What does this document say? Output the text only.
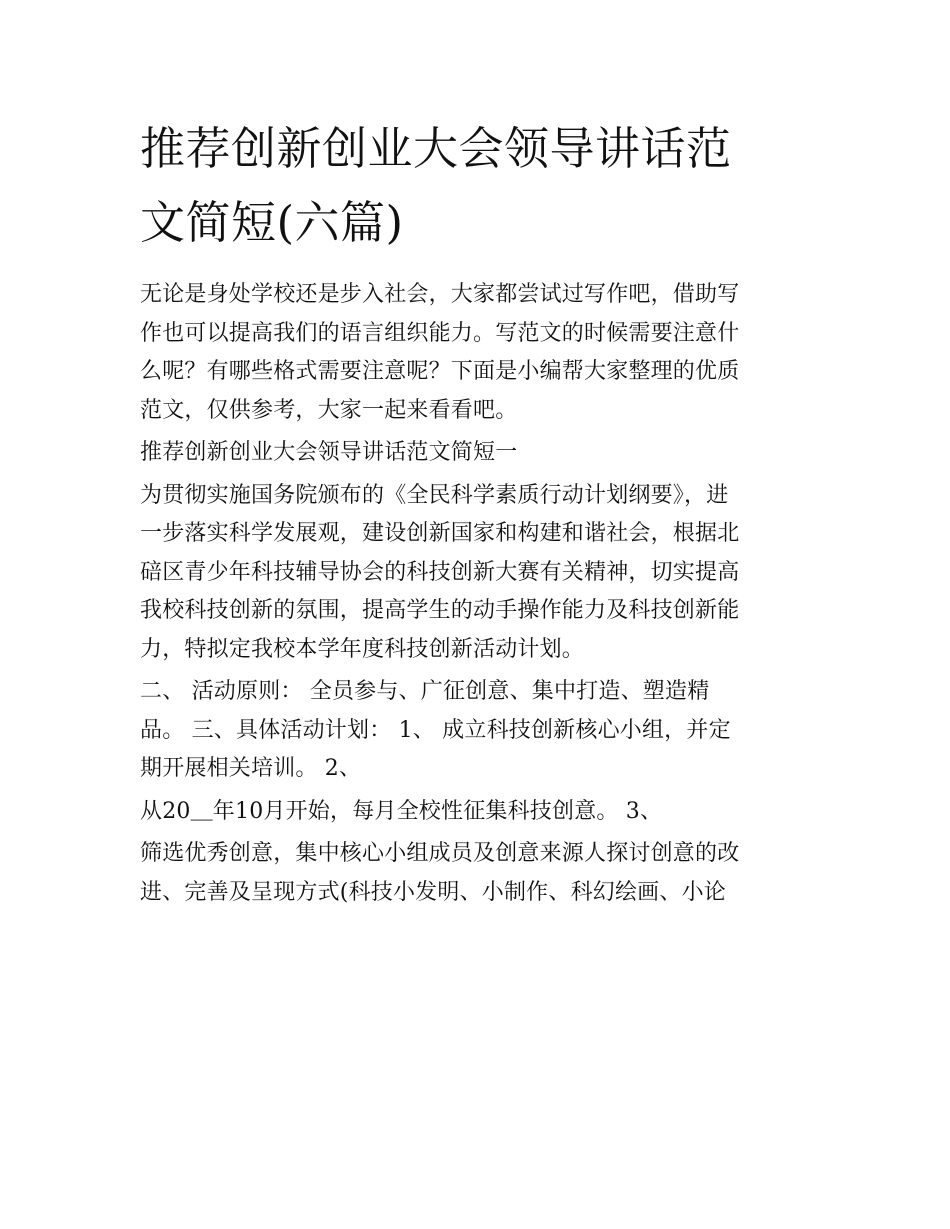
推荐创新创业大会领导讲话范
文简短(六篇)

无论是身处学校还是步入社会，大家都尝试过写作吧，借助写
作也可以提高我们的语言组织能力。写范文的时候需要注意什
么呢？有哪些格式需要注意呢？下面是小编帮大家整理的优质
范文，仅供参考，大家一起来看看吧。

推荐创新创业大会领导讲话范文简短一

为贯彻实施国务院颁布的《全民科学素质行动计划纲要》，进
一步落实科学发展观，建设创新国家和构建和谐社会，根据北
碚区青少年科技辅导协会的科技创新大赛有关精神，切实提高
我校科技创新的氛围，提高学生的动手操作能力及科技创新能
力，特拟定我校本学年度科技创新活动计划。

二、 活动原则： 全员参与、广征创意、集中打造、塑造精
品。 三、具体活动计划： 1、 成立科技创新核心小组，并定
期开展相关培训。 2、

从20＿年10月开始，每月全校性征集科技创意。 3、

筛选优秀创意，集中核心小组成员及创意来源人探讨创意的改
进、完善及呈现方式(科技小发明、小制作、科幻绘画、小论
